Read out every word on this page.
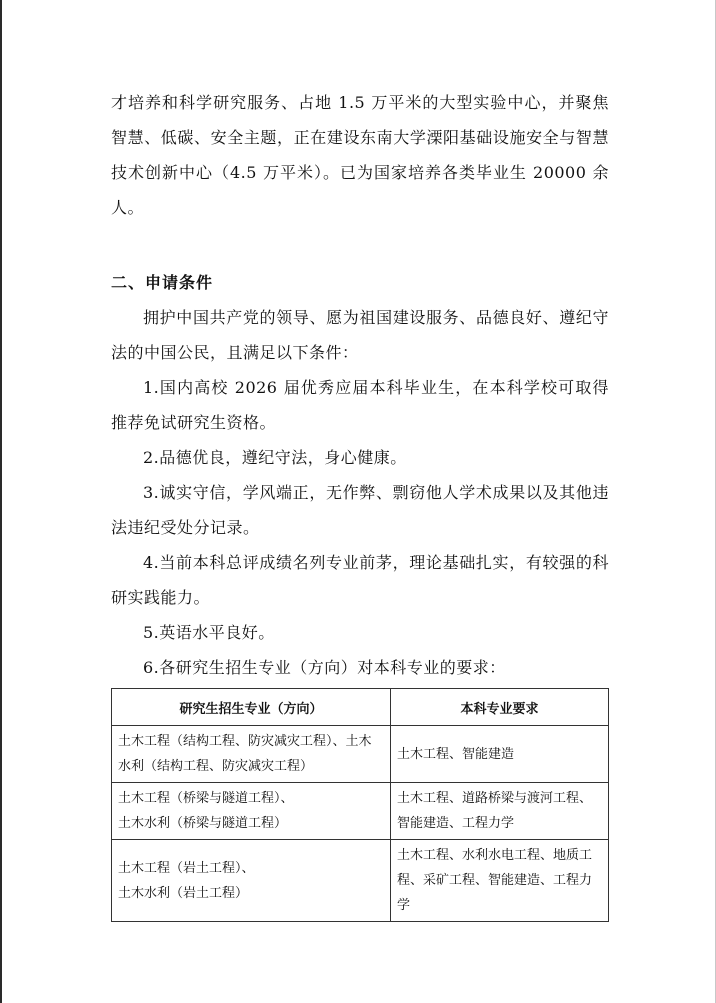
才培养和科学研究服务、占地 1.5 万平米的大型实验中心，并聚焦智慧、低碳、安全主题，正在建设东南大学溧阳基础设施安全与智慧技术创新中心（4.5 万平米）。已为国家培养各类毕业生 20000 余人。

二、申请条件

拥护中国共产党的领导、愿为祖国建设服务、品德良好、遵纪守法的中国公民，且满足以下条件：

1.国内高校 2026 届优秀应届本科毕业生，在本科学校可取得推荐免试研究生资格。

2.品德优良，遵纪守法，身心健康。

3.诚实守信，学风端正，无作弊、剽窃他人学术成果以及其他违法违纪受处分记录。

4.当前本科总评成绩名列专业前茅，理论基础扎实，有较强的科研实践能力。

5.英语水平良好。

6.各研究生招生专业（方向）对本科专业的要求：

研究生招生专业（方向）	本科专业要求

土木工程（结构工程、防灾减灾工程）、土木水利（结构工程、防灾减灾工程）	土木工程、智能建造

土木工程（桥梁与隧道工程）、
土木水利（桥梁与隧道工程）	土木工程、道路桥梁与渡河工程、智能建造、工程力学

土木工程（岩土工程）、
土木水利（岩土工程）	土木工程、水利水电工程、地质工程、采矿工程、智能建造、工程力学
